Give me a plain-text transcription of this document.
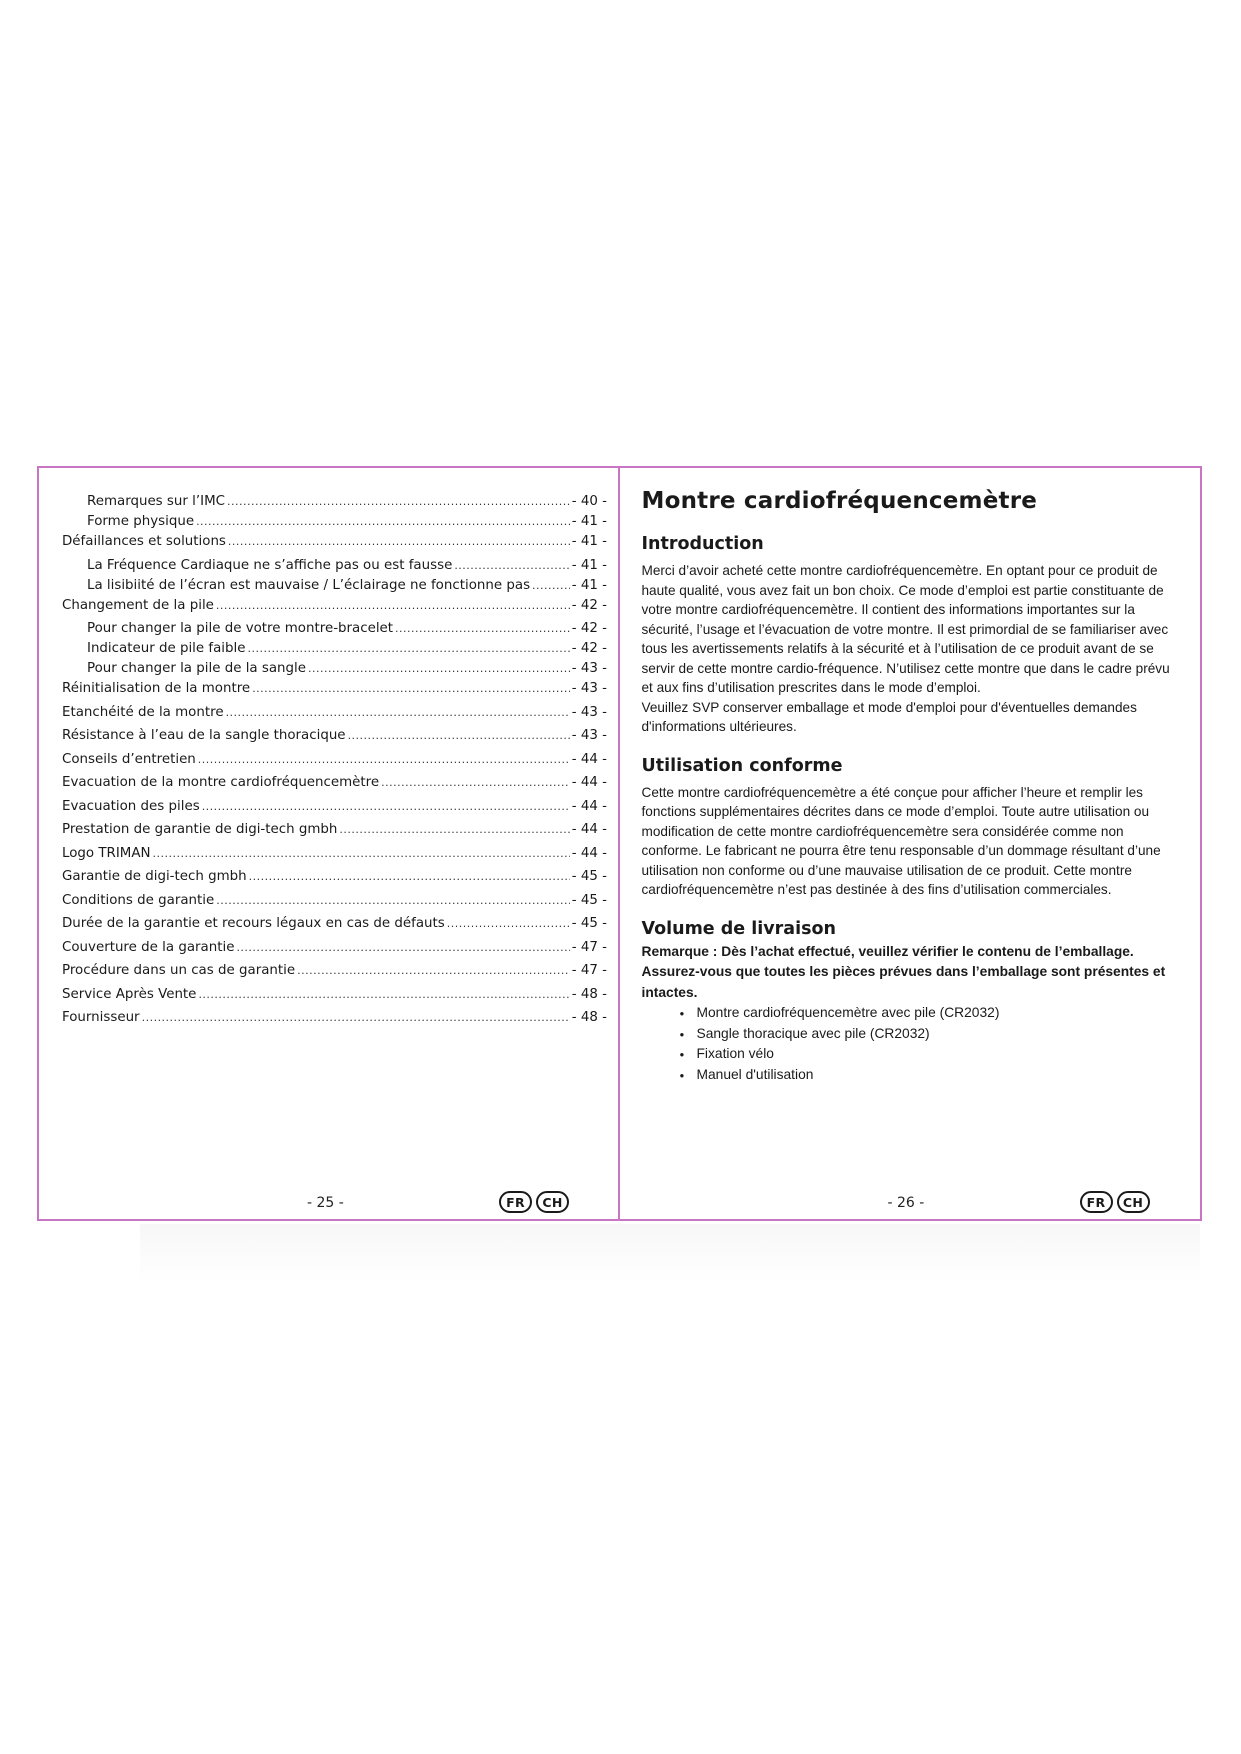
Remarques sur l’IMC .....	- 40 -
Forme physique .....	- 41 -
Défaillances et solutions .....	- 41 -
La Fréquence Cardiaque ne s’affiche pas ou est fausse .....	- 41 -
La lisibiité de l’écran est mauvaise / L’éclairage ne fonctionne pas .....	- 41 -
Changement de la pile .....	- 42 -
Pour changer la pile de votre montre-bracelet .....	- 42 -
Indicateur de pile faible .....	- 42 -
Pour changer la pile de la sangle .....	- 43 -
Réinitialisation de la montre .....	- 43 -
Etanchéité de la montre .....	- 43 -
Résistance à l’eau de la sangle thoracique .....	- 43 -
Conseils d’entretien .....	- 44 -
Evacuation de la montre cardiofréquencemètre .....	- 44 -
Evacuation des piles .....	- 44 -
Prestation de garantie de digi-tech gmbh .....	- 44 -
Logo TRIMAN .....	- 44 -
Garantie de digi-tech gmbh .....	- 45 -
Conditions de garantie .....	- 45 -
Durée de la garantie et recours légaux en cas de défauts .....	- 45 -
Couverture de la garantie .....	- 47 -
Procédure dans un cas de garantie .....	- 47 -
Service Après Vente .....	- 48 -
Fournisseur .....	- 48 -
- 25 -	FR	CH
Montre cardiofréquencemètre
Introduction

Merci d’avoir acheté cette montre cardiofréquencemètre. En optant pour ce produit de haute qualité, vous avez fait un bon choix. Ce mode d’emploi est partie constituante de votre montre cardiofréquencemètre. Il contient des informations importantes sur la sécurité, l’usage et l’évacuation de votre montre. Il est primordial de se familiariser avec tous les avertissements relatifs à la sécurité et à l’utilisation de ce produit avant de se servir de cette montre cardio-fréquence. N’utilisez cette montre que dans le cadre prévu et aux fins d’utilisation prescrites dans le mode d’emploi.

Veuillez SVP conserver emballage et mode d'emploi pour d'éventuelles demandes d'informations ultérieures.

Utilisation conforme

Cette montre cardiofréquencemètre a été conçue pour afficher l’heure et remplir les fonctions supplémentaires décrites dans ce mode d’emploi. Toute autre utilisation ou modification de cette montre cardiofréquencemètre sera considérée comme non conforme. Le fabricant ne pourra être tenu responsable d’un dommage résultant d’une utilisation non conforme ou d’une mauvaise utilisation de ce produit. Cette montre cardiofréquencemètre n’est pas destinée à des fins d’utilisation commerciales.

Volume de livraison

Remarque : Dès l’achat effectué, veuillez vérifier le contenu de l’emballage. Assurez-vous que toutes les pièces prévues dans l’emballage sont présentes et intactes.

● Montre cardiofréquencemètre avec pile (CR2032)
● Sangle thoracique avec pile (CR2032)
● Fixation vélo
● Manuel d'utilisation
- 26 -	FR	CH
